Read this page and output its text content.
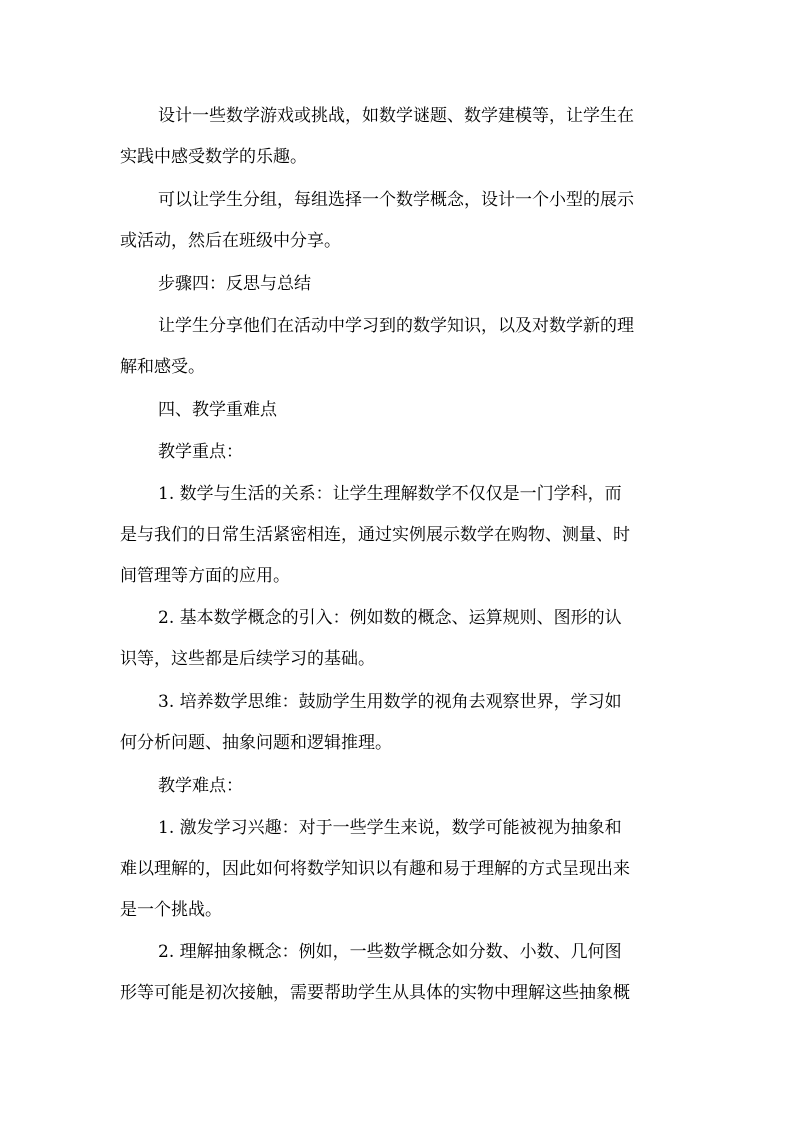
设计一些数学游戏或挑战，如数学谜题、数学建模等，让学生在
实践中感受数学的乐趣。
可以让学生分组，每组选择一个数学概念，设计一个小型的展示
或活动，然后在班级中分享。
步骤四：反思与总结
让学生分享他们在活动中学习到的数学知识，以及对数学新的理
解和感受。
四、教学重难点
教学重点：
1. 数学与生活的关系：让学生理解数学不仅仅是一门学科，而
是与我们的日常生活紧密相连，通过实例展示数学在购物、测量、时
间管理等方面的应用。
2. 基本数学概念的引入：例如数的概念、运算规则、图形的认
识等，这些都是后续学习的基础。
3. 培养数学思维：鼓励学生用数学的视角去观察世界，学习如
何分析问题、抽象问题和逻辑推理。
教学难点：
1. 激发学习兴趣：对于一些学生来说，数学可能被视为抽象和
难以理解的，因此如何将数学知识以有趣和易于理解的方式呈现出来
是一个挑战。
2. 理解抽象概念：例如，一些数学概念如分数、小数、几何图
形等可能是初次接触，需要帮助学生从具体的实物中理解这些抽象概
